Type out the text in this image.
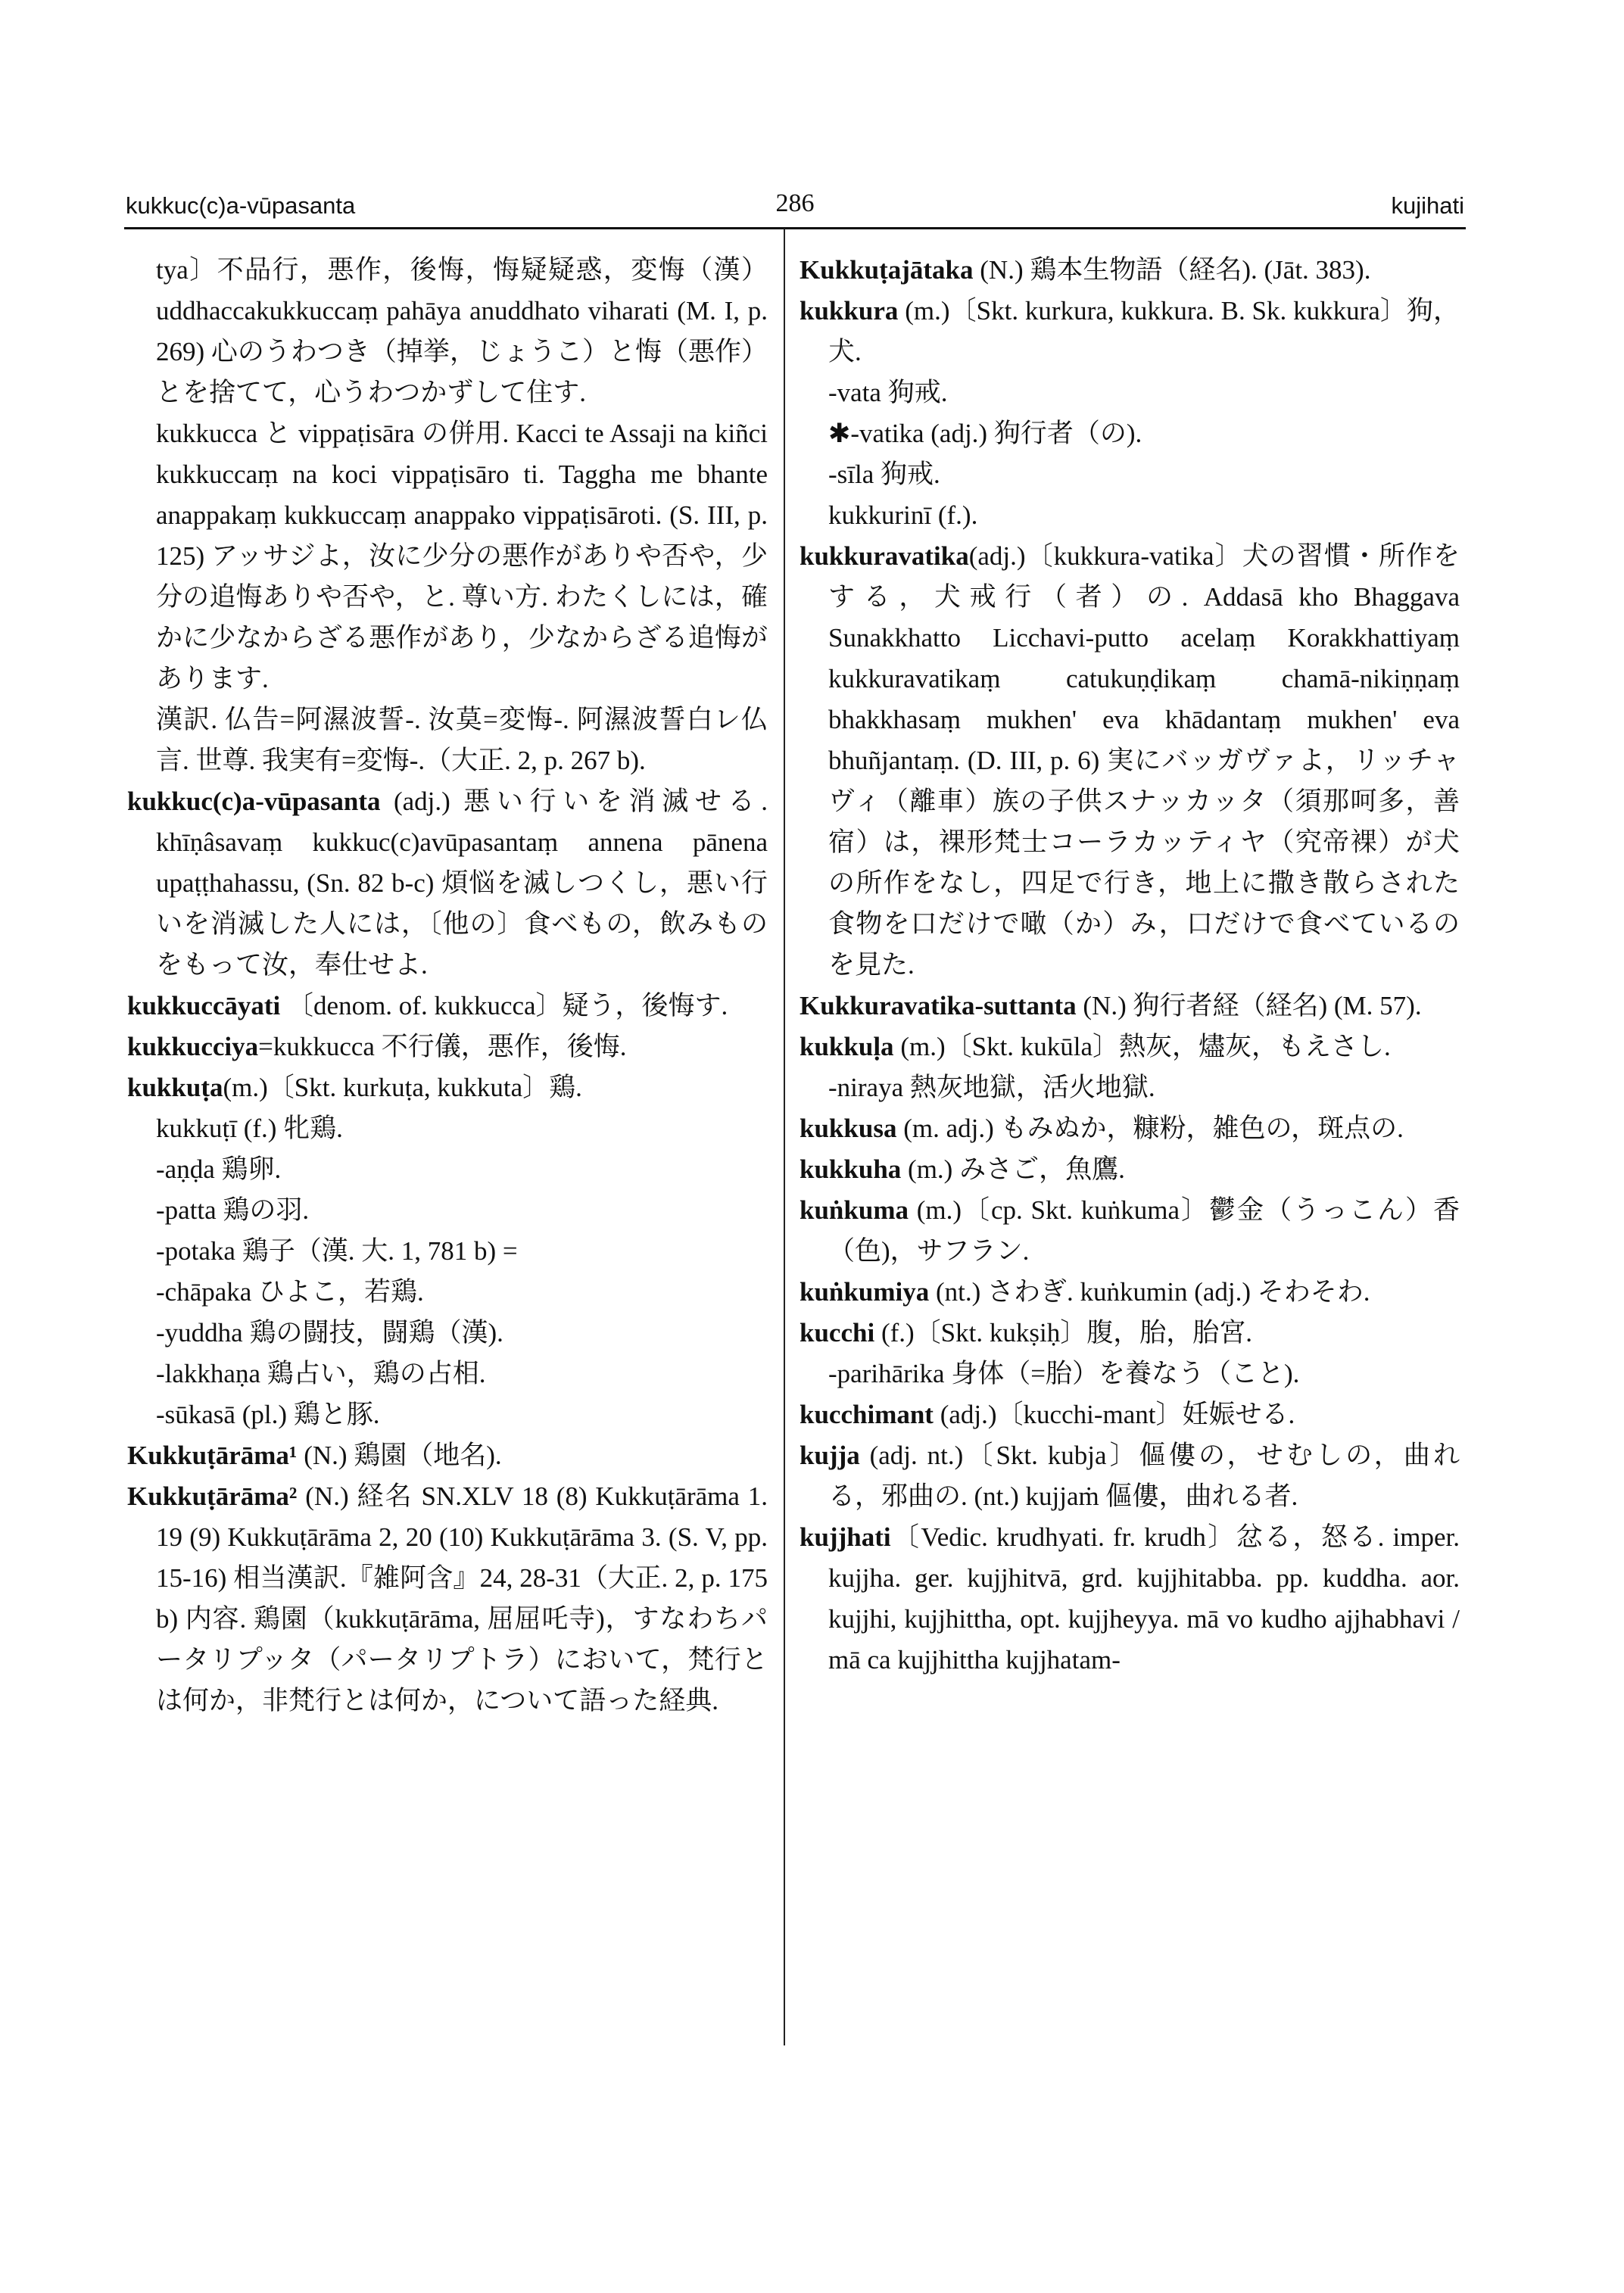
kukkuc(c)a-vūpasanta	286	kujihati

tya〕不品行，悪作，後悔，悔疑疑惑，変悔（漢）uddhaccakukkuccaṃ pahāya anuddhato viharati (M. I, p. 269) 心のうわつき（掉挙，じょうこ）と悔（悪作）とを捨てて，心うわつかずして住す.

kukkucca と vippaṭisāra の併用. Kacci te Assaji na kiñci kukkuccaṃ na koci vippaṭisāro ti. Taggha me bhante anappakaṃ kukkuccaṃ anappako vippaṭisāroti. (S. III, p. 125) アッサジよ，汝に少分の悪作がありや否や，少分の追悔ありや否や，と. 尊い方. わたくしには，確かに少なからざる悪作があり，少なからざる追悔があります.

漢訳. 仏告=阿濕波誓-. 汝莫=変悔-. 阿濕波誓白レ仏言. 世尊. 我実有=変悔-.（大正. 2, p. 267 b).

kukkuc(c)a-vūpasanta (adj.) 悪い行いを消滅せる. khīṇâsavaṃ kukkuc(c)avūpasantaṃ annena pānena upaṭṭhahassu, (Sn. 82 b-c) 煩悩を滅しつくし，悪い行いを消滅した人には，〔他の〕食べもの，飲みものをもって汝，奉仕せよ.

kukkuccāyati 〔denom. of. kukkucca〕疑う，後悔す.

kukkucciya=kukkucca 不行儀，悪作，後悔.

kukkuṭa(m.)〔Skt. kurkuṭa, kukkuta〕鶏.

kukkuṭī (f.) 牝鶏.

-aṇḍa 鶏卵.

-patta 鶏の羽.

-potaka 鶏子（漢. 大. 1, 781 b) =

-chāpaka ひよこ，若鶏.

-yuddha 鶏の闘技，闘鶏（漢).

-lakkhaṇa 鶏占い，鶏の占相.

-sūkasā (pl.) 鶏と豚.

Kukkuṭārāma¹ (N.) 鶏園（地名).

Kukkuṭārāma² (N.) 経名 SN.XLV 18 (8) Kukkuṭārāma 1. 19 (9) Kukkuṭārāma 2, 20 (10) Kukkuṭārāma 3. (S. V, pp. 15-16) 相当漢訳.『雑阿含』24, 28-31（大正. 2, p. 175 b) 内容. 鶏園（kukkuṭārāma, 屈屈吒寺)，すなわちパータリプッタ（パータリプトラ）において，梵行とは何か，非梵行とは何か，について語った経典.

Kukkuṭajātaka (N.) 鶏本生物語（経名). (Jāt. 383).

kukkura (m.)〔Skt. kurkura, kukkura. B. Sk. kukkura〕狗，犬.

-vata 狗戒.

✱-vatika (adj.) 狗行者（の).

-sīla 狗戒.

kukkurinī (f.).

kukkuravatika(adj.)〔kukkura-vatika〕犬の習慣・所作をする，犬戒行（者）の. Addasā kho Bhaggava Sunakkhatto Licchavi-putto acelaṃ Korakkhattiyaṃ kukkuravatikaṃ catukuṇḍikaṃ chamā-nikiṇṇaṃ bhakkhasaṃ mukhen' eva khādantaṃ mukhen' eva bhuñjantaṃ. (D. III, p. 6) 実にバッガヴァよ，リッチャヴィ（離車）族の子供スナッカッタ（須那呵多，善宿）は，裸形梵士コーラカッティヤ（究帝裸）が犬の所作をなし，四足で行き，地上に撒き散らされた食物を口だけで噉（か）み，口だけで食べているのを見た.

Kukkuravatika-suttanta (N.) 狗行者経（経名) (M. 57).

kukkuḷa (m.)〔Skt. kukūla〕熱灰，燼灰，もえさし.

-niraya 熱灰地獄，活火地獄.

kukkusa (m. adj.) もみぬか，糠粉，雑色の，斑点の.

kukkuha (m.) みさご，魚鷹.

kuṅkuma (m.)〔cp. Skt. kuṅkuma〕鬱金（うっこん）香（色)，サフラン.

kuṅkumiya (nt.) さわぎ. kuṅkumin (adj.) そわそわ.

kucchi (f.)〔Skt. kukṣiḥ〕腹，胎，胎宮.

-parihārika 身体（=胎）を養なう（こと).

kucchimant (adj.)〔kucchi-mant〕妊娠せる.

kujja (adj. nt.)〔Skt. kubja〕傴僂の，せむしの，曲れる，邪曲の. (nt.) kujjaṁ 傴僂，曲れる者.

kujjhati〔Vedic. krudhyati. fr. krudh〕忿る，怒る. imper. kujjha. ger. kujjhitvā, grd. kujjhitabba. pp. kuddha. aor. kujjhi, kujjhittha, opt. kujjheyya. mā vo kudho ajjhabhavi / mā ca kujjhittha kujjhatam-
